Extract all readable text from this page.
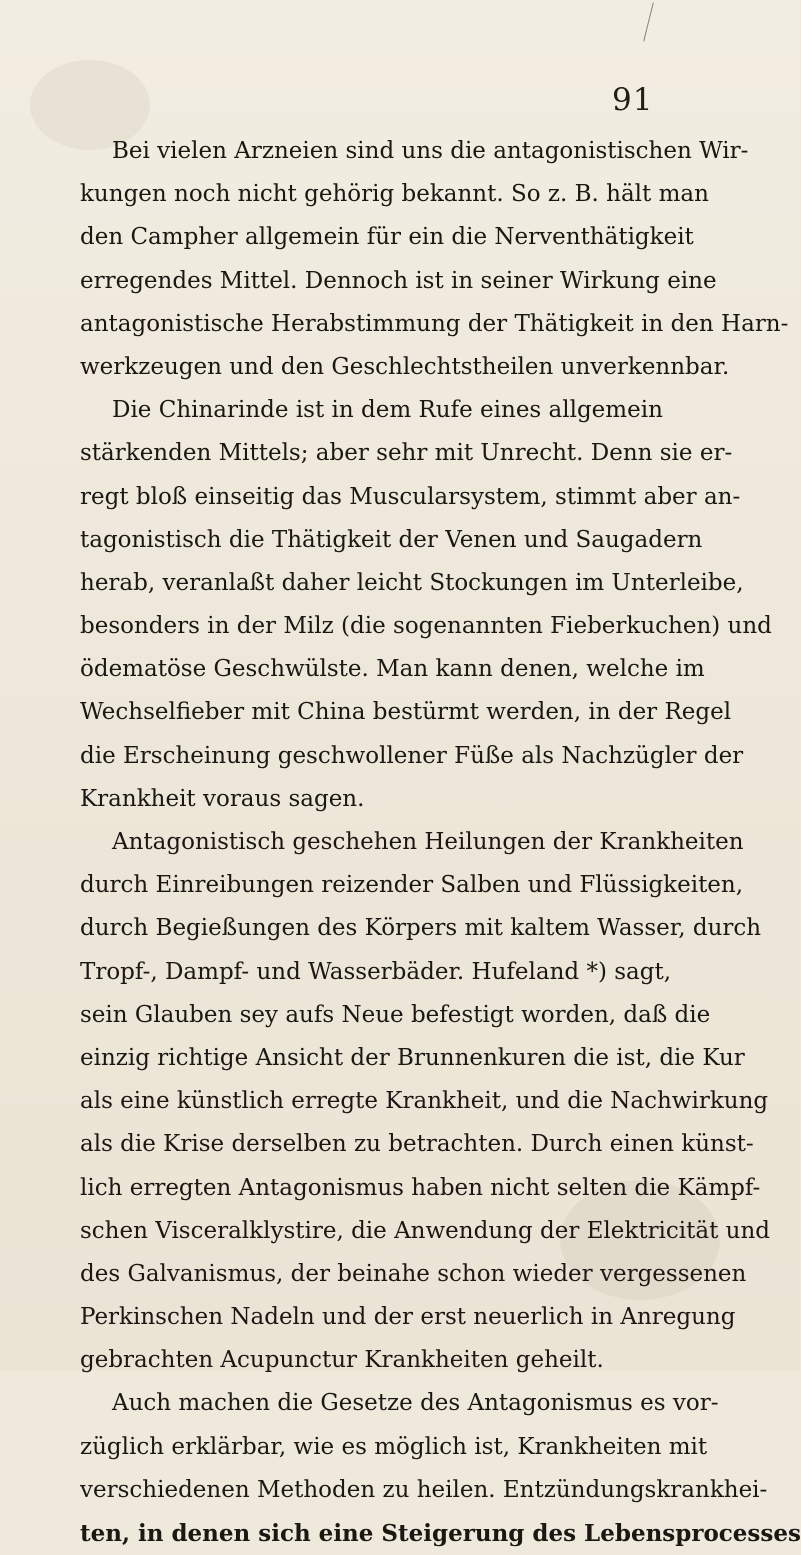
91
Bei vielen Arzneien sind uns die antagonistischen Wir-
kungen noch nicht gehörig bekannt. So z. B. hält man
den Campher allgemein für ein die Nerventhätigkeit
erregendes Mittel. Dennoch ist in seiner Wirkung eine
antagonistische Herabstimmung der Thätigkeit in den Harn-
werkzeugen und den Geschlechtstheilen unverkennbar.
Die Chinarinde ist in dem Rufe eines allgemein
stärkenden Mittels; aber sehr mit Unrecht. Denn sie er-
regt bloß einseitig das Muscularsystem, stimmt aber an-
tagonistisch die Thätigkeit der Venen und Saugadern
herab, veranlaßt daher leicht Stockungen im Unterleibe,
besonders in der Milz (die sogenannten Fieberkuchen) und
ödematöse Geschwülste. Man kann denen, welche im
Wechselfieber mit China bestürmt werden, in der Regel
die Erscheinung geschwollener Füße als Nachzügler der
Krankheit voraus sagen.
Antagonistisch geschehen Heilungen der Krankheiten
durch Einreibungen reizender Salben und Flüssigkeiten,
durch Begießungen des Körpers mit kaltem Wasser, durch
Tropf-, Dampf- und Wasserbäder. Hufeland *) sagt,
sein Glauben sey aufs Neue befestigt worden, daß die
einzig richtige Ansicht der Brunnenkuren die ist, die Kur
als eine künstlich erregte Krankheit, und die Nachwirkung
als die Krise derselben zu betrachten. Durch einen künst-
lich erregten Antagonismus haben nicht selten die Kämpf-
schen Visceralklystire, die Anwendung der Elektricität und
des Galvanismus, der beinahe schon wieder vergessenen
Perkinschen Nadeln und der erst neuerlich in Anregung
gebrachten Acupunctur Krankheiten geheilt.
Auch machen die Gesetze des Antagonismus es vor-
züglich erklärbar, wie es möglich ist, Krankheiten mit
verschiedenen Methoden zu heilen. Entzündungskrankhei-
ten, in denen sich eine Steigerung des Lebensprocesses
